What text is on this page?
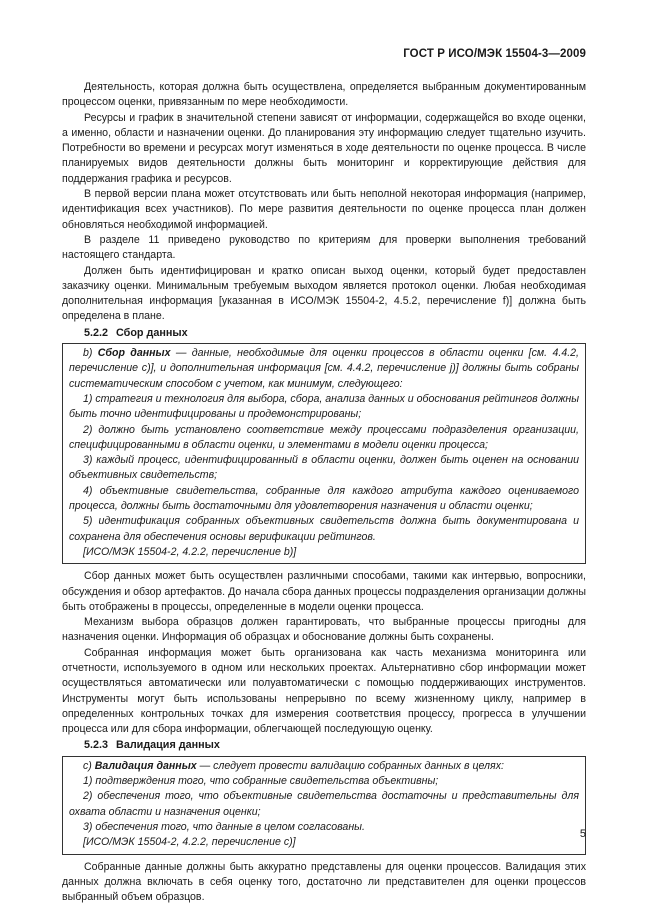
ГОСТ Р ИСО/МЭК 15504-3—2009

Деятельность, которая должна быть осуществлена, определяется выбранным документированным процессом оценки, привязанным по мере необходимости.

Ресурсы и график в значительной степени зависят от информации, содержащейся во входе оценки, а именно, области и назначении оценки. До планирования эту информацию следует тщательно изучить. Потребности во времени и ресурсах могут изменяться в ходе деятельности по оценке процесса. В числе планируемых видов деятельности должны быть мониторинг и корректирующие действия для поддержания графика и ресурсов.

В первой версии плана может отсутствовать или быть неполной некоторая информация (например, идентификация всех участников). По мере развития деятельности по оценке процесса план должен обновляться необходимой информацией.

В разделе 11 приведено руководство по критериям для проверки выполнения требований настоящего стандарта.

Должен быть идентифицирован и кратко описан выход оценки, который будет предоставлен заказчику оценки. Минимальным требуемым выходом является протокол оценки. Любая необходимая дополнительная информация [указанная в ИСО/МЭК 15504-2, 4.5.2, перечисление f)] должна быть определена в плане.

5.2.2 Сбор данных

b) Сбор данных — данные, необходимые для оценки процессов в области оценки [см. 4.4.2, перечисление c)], и дополнительная информация [см. 4.4.2, перечисление j)] должны быть собраны систематическим способом с учетом, как минимум, следующего:

1) стратегия и технология для выбора, сбора, анализа данных и обоснования рейтингов должны быть точно идентифицированы и продемонстрированы;

2) должно быть установлено соответствие между процессами подразделения организации, специфицированными в области оценки, и элементами в модели оценки процесса;

3) каждый процесс, идентифицированный в области оценки, должен быть оценен на основании объективных свидетельств;

4) объективные свидетельства, собранные для каждого атрибута каждого оцениваемого процесса, должны быть достаточными для удовлетворения назначения и области оценки;

5) идентификация собранных объективных свидетельств должна быть документирована и сохранена для обеспечения основы верификации рейтингов.

[ИСО/МЭК 15504-2, 4.2.2, перечисление b)]

Сбор данных может быть осуществлен различными способами, такими как интервью, вопросники, обсуждения и обзор артефактов. До начала сбора данных процессы подразделения организации должны быть отображены в процессы, определенные в модели оценки процесса.

Механизм выбора образцов должен гарантировать, что выбранные процессы пригодны для назначения оценки. Информация об образцах и обоснование должны быть сохранены.

Собранная информация может быть организована как часть механизма мониторинга или отчетности, используемого в одном или нескольких проектах. Альтернативно сбор информации может осуществляться автоматически или полуавтоматически с помощью поддерживающих инструментов. Инструменты могут быть использованы непрерывно по всему жизненному циклу, например в определенных контрольных точках для измерения соответствия процессу, прогресса в улучшении процесса или для сбора информации, облегчающей последующую оценку.

5.2.3 Валидация данных

c) Валидация данных — следует провести валидацию собранных данных в целях:

1) подтверждения того, что собранные свидетельства объективны;

2) обеспечения того, что объективные свидетельства достаточны и представительны для охвата области и назначения оценки;

3) обеспечения того, что данные в целом согласованы.

[ИСО/МЭК 15504-2, 4.2.2, перечисление c)]

Собранные данные должны быть аккуратно представлены для оценки процессов. Валидация этих данных должна включать в себя оценку того, достаточно ли представителен для оценки процессов выбранный объем образцов.

5
